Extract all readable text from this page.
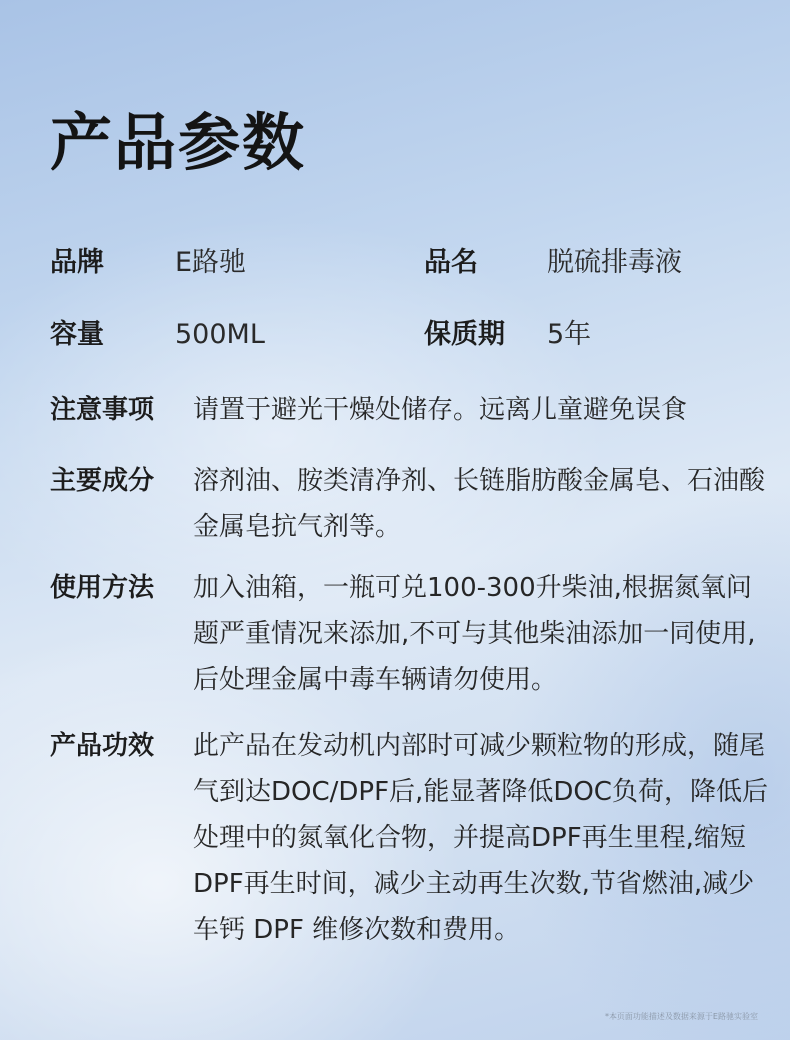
产品参数
品牌	E路驰	品名	脱硫排毒液
容量	500ML	保质期 5年
注意事项 请置于避光干燥处储存。远离儿童避免误食
主要成分 溶剂油、胺类清净剂、长链脂肪酸金属皂、石油酸金属皂抗气剂等。
使用方法 加入油箱，一瓶可兑100-300升柴油,根据氮氧问题严重情况来添加,不可与其他柴油添加一同使用,后处理金属中毒车辆请勿使用。
产品功效 此产品在发动机内部时可减少颗粒物的形成，随尾气到达DOC/DPF后,能显著降低DOC负荷，降低后处理中的氮氧化合物，并提高DPF再生里程,缩短 DPF再生时间，减少主动再生次数,节省燃油,减少车钙 DPF 维修次数和费用。
*本页面功能描述及数据来源于E路驰实验室
